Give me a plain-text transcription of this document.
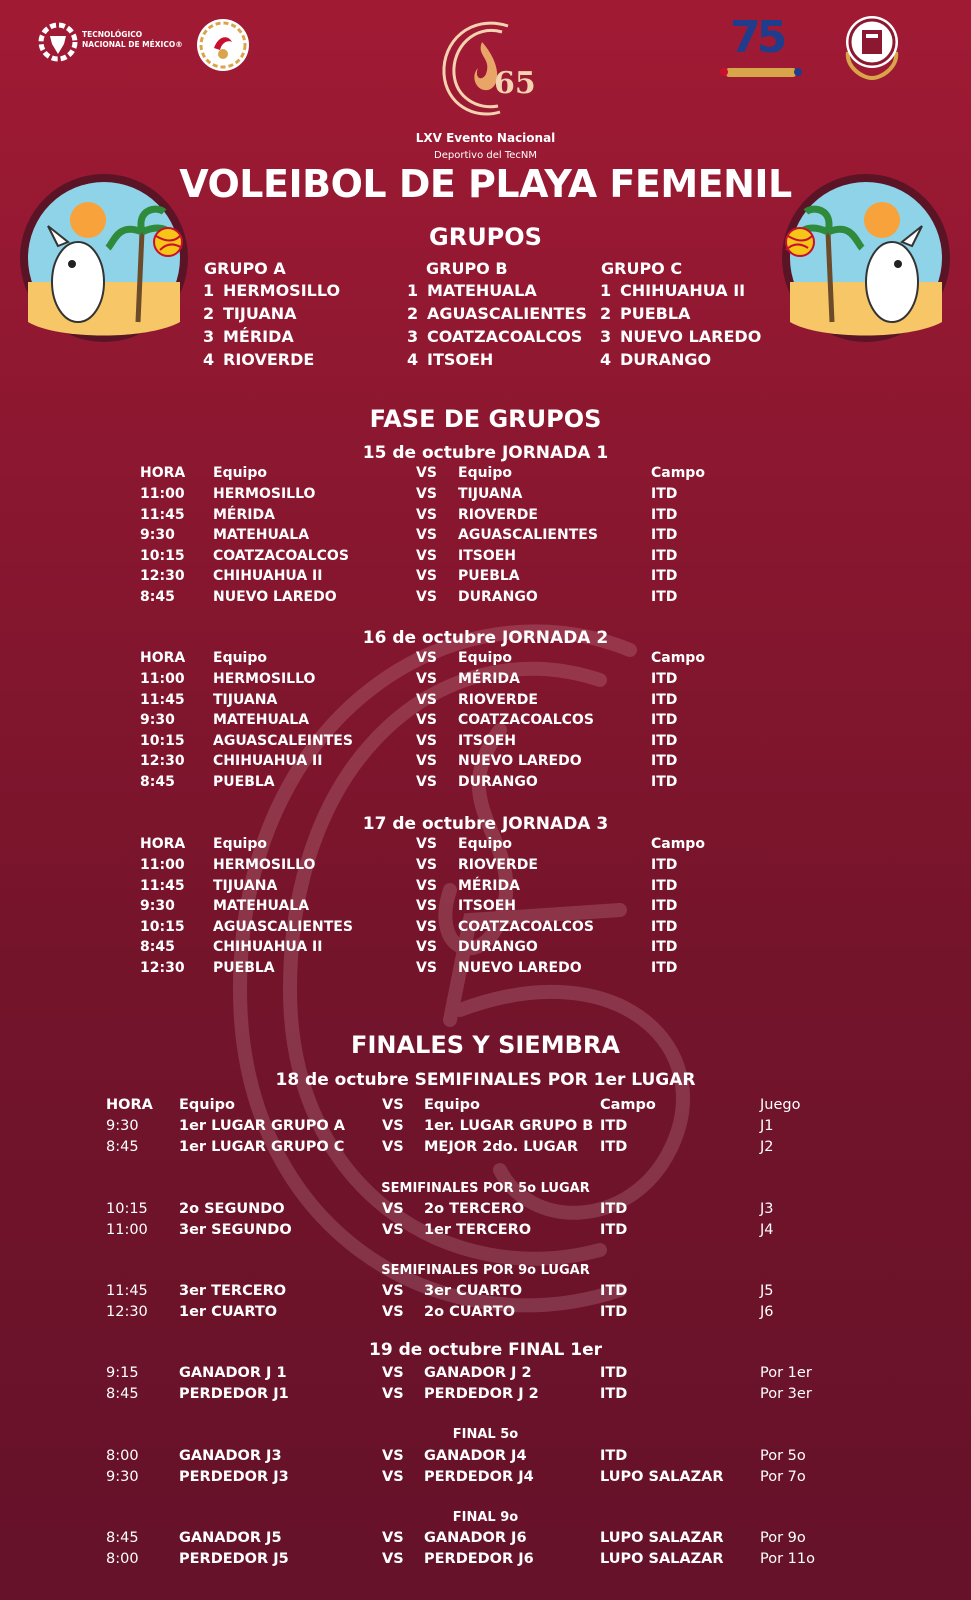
TECNOLÓGICO
NACIONAL DE MÉXICO®
65
75
LXV Evento Nacional
Deportivo del TecNM
VOLEIBOL DE PLAYA FEMENIL
GRUPOS
GRUPO A
1 HERMOSILLO
2 TIJUANA
3 MÉRIDA
4 RIOVERDE
GRUPO B
1 MATEHUALA
2 AGUASCALIENTES
3 COATZACOALCOS
4 ITSOEH
GRUPO C
1 CHIHUAHUA II
2 PUEBLA
3 NUEVO LAREDO
4 DURANGO
FASE DE GRUPOS
15 de octubre JORNADA 1
HORA Equipo	VS Equipo	Campo
11:00 HERMOSILLO	VS TIJUANA	ITD
11:45 MÉRIDA	VS RIOVERDE	ITD
9:30	MATEHUALA	VS AGUASCALIENTES	ITD
10:15 COATZACOALCOS	VS ITSOEH	ITD
12:30 CHIHUAHUA II	VS PUEBLA	ITD
8:45	NUEVO LAREDO	VS DURANGO	ITD
16 de octubre JORNADA 2
HORA Equipo	VS Equipo	Campo
11:00 HERMOSILLO	VS MÉRIDA	ITD
11:45 TIJUANA	VS RIOVERDE	ITD
9:30	MATEHUALA	VS COATZACOALCOS	ITD
10:15 AGUASCALEINTES	VS ITSOEH	ITD
12:30 CHIHUAHUA II	VS NUEVO LAREDO	ITD
8:45	PUEBLA	VS DURANGO	ITD
17 de octubre JORNADA 3
HORA Equipo	VS Equipo	Campo
11:00 HERMOSILLO	VS RIOVERDE	ITD
11:45 TIJUANA	VS MÉRIDA	ITD
9:30	MATEHUALA	VS ITSOEH	ITD
10:15 AGUASCALIENTES	VS COATZACOALCOS	ITD
8:45	CHIHUAHUA II	VS DURANGO	ITD
12:30 PUEBLA	VS NUEVO LAREDO	ITD
FINALES Y SIEMBRA
18 de octubre SEMIFINALES POR 1er LUGAR
HORA Equipo	VS Equipo	Campo	Juego
9:30	1er LUGAR GRUPO A	VS 1er. LUGAR GRUPO B ITD	J1
8:45	1er LUGAR GRUPO C	VS MEJOR 2do. LUGAR ITD	J2
SEMIFINALES POR 5o LUGAR
10:15 2o SEGUNDO	VS 2o TERCERO	ITD	J3
11:00 3er SEGUNDO	VS 1er TERCERO	ITD	J4
SEMIFINALES POR 9o LUGAR
11:45 3er TERCERO	VS 3er CUARTO	ITD	J5
12:30 1er CUARTO	VS 2o CUARTO	ITD	J6
19 de octubre FINAL 1er
9:15	GANADOR J 1	VS GANADOR J 2	ITD	Por 1er
8:45	PERDEDOR J1	VS PERDEDOR J 2	ITD	Por 3er
FINAL 5o
8:00	GANADOR J3	VS GANADOR J4	ITD	Por 5o
9:30	PERDEDOR J3	VS PERDEDOR J4	LUPO SALAZAR	Por 7o
FINAL 9o
8:45	GANADOR J5	VS GANADOR J6	LUPO SALAZAR	Por 9o
8:00	PERDEDOR J5	VS PERDEDOR J6	LUPO SALAZAR	Por 11o
